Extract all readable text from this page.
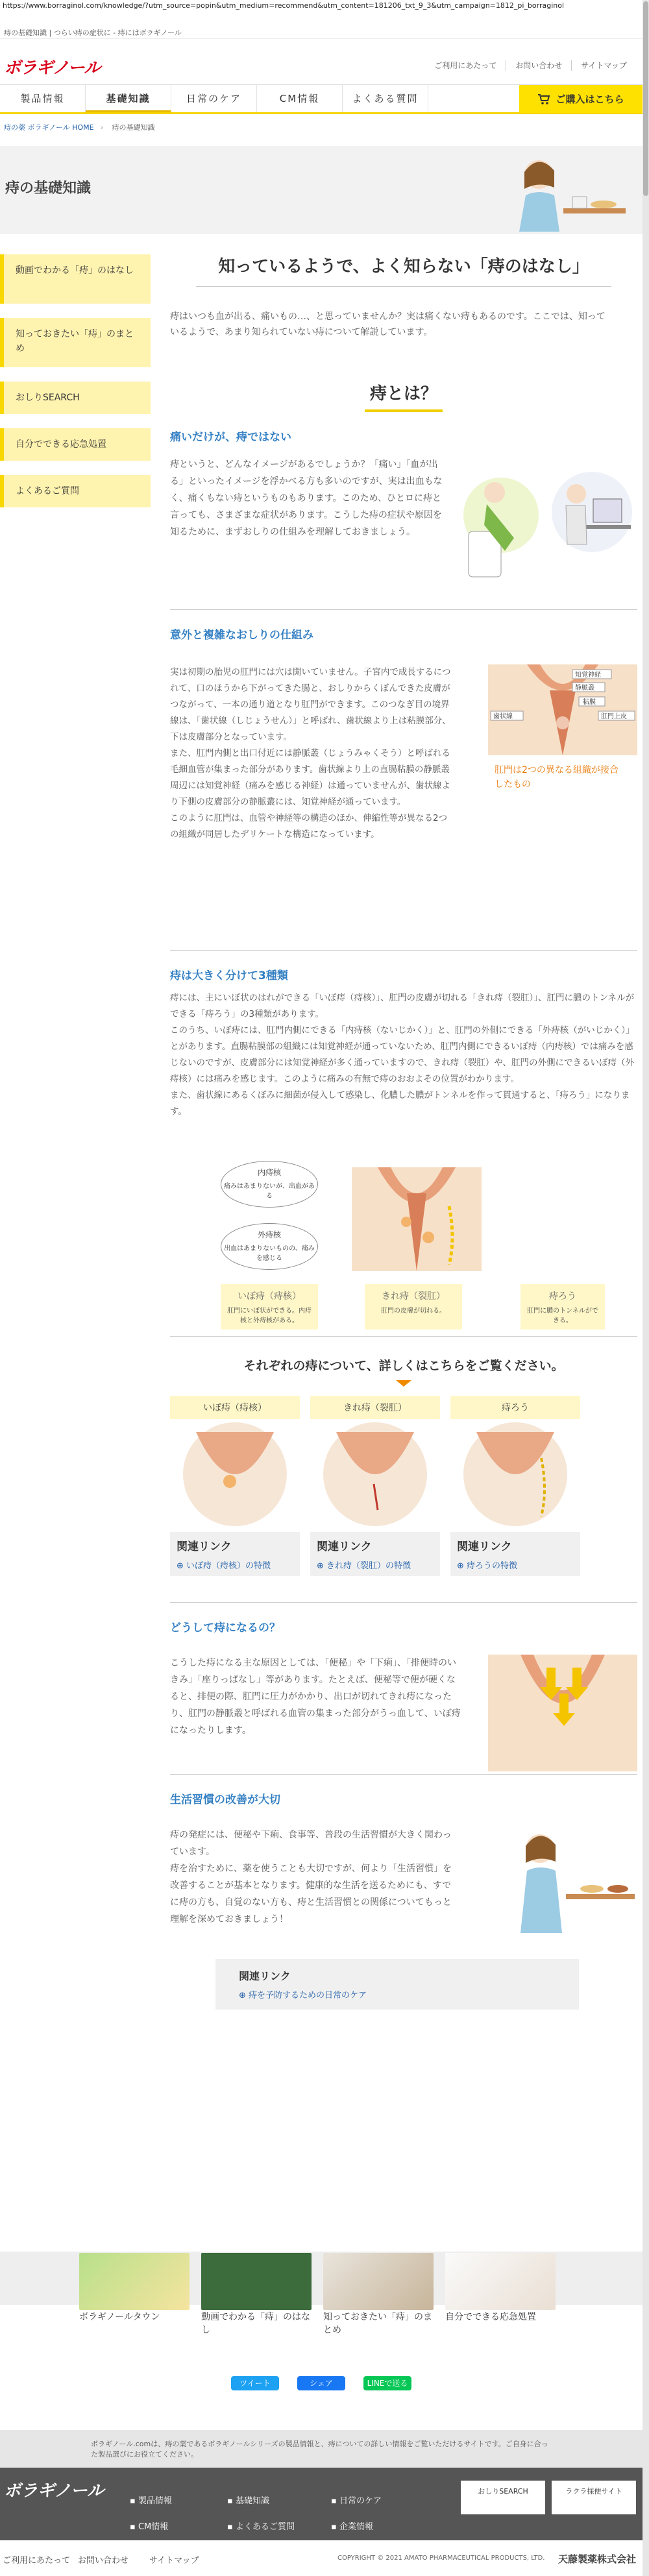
https://www.borraginol.com/knowledge/?utm_source=popin&utm_medium=recommend&utm_content=181206_txt_9_3&utm_campaign=1812_pi_borraginol
痔の基礎知識 | つらい痔の症状に - 痔にはボラギノール
ボラギノール	ご利用にあたって	お問い合わせ	サイトマップ
製品情報	基礎知識	日常のケア	CM情報	よくある質問	ご購入はこちら
痔の薬 ボラギノール HOME › 痔の基礎知識
痔の基礎知識
動画でわかる「痔」のはなし
知っておきたい「痔」のまとめ
おしりSEARCH
自分でできる応急処置
よくあるご質問
知っているようで、よく知らない「痔のはなし」
痔はいつも血が出る、痛いもの…、と思っていませんか？実は痛くない痔もあるのです。ここでは、知っているようで、あまり知られていない痔について解説しています。
痔とは？
痛いだけが、痔ではない
痔というと、どんなイメージがあるでしょうか？「痛い」「血が出る」といったイメージを浮かべる方も多いのですが、実は出血もなく、痛くもない痔というものもあります。このため、ひとロに痔と言っても、さまざまな症状があります。こうした痔の症状や原因を知るために、まずおしりの仕組みを理解しておきましょう。
意外と複雑なおしりの仕組み
実は初期の胎児の肛門には穴は開いていません。子宮内で成長するにつれて、口のほうから下がってきた腸と、おしりからくぼんできた皮膚がつながって、一本の通り道となり肛門ができます。このつなぎ目の境界線は、「歯状線（しじょうせん）」と呼ばれ、歯状線より上は粘膜部分、下は皮膚部分となっています。
また、肛門内側と出口付近には静脈叢（じょうみゃくそう）と呼ばれる毛細血管が集まった部分があります。歯状線より上の直腸粘膜の静脈叢周辺には知覚神経（痛みを感じる神経）は通っていませんが、歯状線より下側の皮膚部分の静脈叢には、知覚神経が通っています。
このように肛門は、血管や神経等の構造のほか、伸縮性等が異なる2つの組織が同居したデリケートな構造になっています。
知覚神経
静脈叢
粘膜
歯状線	肛門上皮
肛門は2つの異なる組織が接合したもの
痔は大きく分けて3種類
痔には、主にいぼ状のはれができる「いぼ痔（痔核）」、肛門の皮膚が切れる「きれ痔（裂肛）」、肛門に膿のトンネルができる「痔ろう」の3種類があります。
このうち、いぼ痔には、肛門内側にできる「内痔核（ないじかく）」と、肛門の外側にできる「外痔核（がいじかく）」とがあります。直腸粘膜部の組織には知覚神経が通っていないため、肛門内側にできるいぼ痔（内痔核）では痛みを感じないのですが、皮膚部分には知覚神経が多く通っていますので、きれ痔（裂肛）や、肛門の外側にできるいぼ痔（外痔核）には痛みを感じます。このように痛みの有無で痔のおおよその位置がわかります。
また、歯状線にあるくぼみに細菌が侵入して感染し、化膿した膿がトンネルを作って貫通すると、「痔ろう」になります。
内痔核
痛みはあまりないが、出血がある
外痔核
出血はあまりないものの、痛みを感じる
いぼ痔（痔核）
肛門にいぼ状ができる。内痔核と外痔核がある。
きれ痔（裂肛）
肛門の皮膚が切れる。
痔ろう
肛門に膿のトンネルができる。
それぞれの痔について、詳しくはこちらをご覧ください。
いぼ痔（痔核）
関連リンク
⊕ いぼ痔（痔核）の特徴
きれ痔（裂肛）
関連リンク
⊕ きれ痔（裂肛）の特徴
痔ろう
関連リンク
⊕ 痔ろうの特徴
どうして痔になるの？
こうした痔になる主な原因としては、「便秘」や「下痢」、「排便時のいきみ」「座りっぱなし」等があります。たとえば、便秘等で便が硬くなると、排便の際、肛門に圧力がかかり、出口が切れてきれ痔になったり、肛門の静脈叢と呼ばれる血管の集まった部分がうっ血して、いぼ痔になったりします。
生活習慣の改善が大切
痔の発症には、便秘や下痢、食事等、普段の生活習慣が大きく関わっています。
痔を治すために、薬を使うことも大切ですが、何より「生活習慣」を改善することが基本となります。健康的な生活を送るためにも、すでに痔の方も、自覚のない方も、痔と生活習慣との関係についてもっと理解を深めておきましょう！
関連リンク
⊕ 痔を予防するための日常のケア
ボラギノールタウン	動画でわかる「痔」のはなし
知っておきたい「痔」のまとめ
自分でできる応急処置
ツイート	シェア	LINEで送る
ボラギノール.comは、痔の薬であるボラギノールシリーズの製品情報と、痔についての詳しい情報をご覧いただけるサイトです。ご自身に合った製品選びにお役立てください。
ボラギノール
▪ 製品情報	▪ 基礎知識	▪ 日常のケア
▪ CM情報	▪ よくあるご質問	▪ 企業情報
おしりSEARCH	ラクラ採便サイト
ご利用にあたって お問い合わせ サイトマップ	COPYRIGHT © 2021 AMATO PHARMACEUTICAL PRODUCTS, LTD. 天藤製薬株式会社
